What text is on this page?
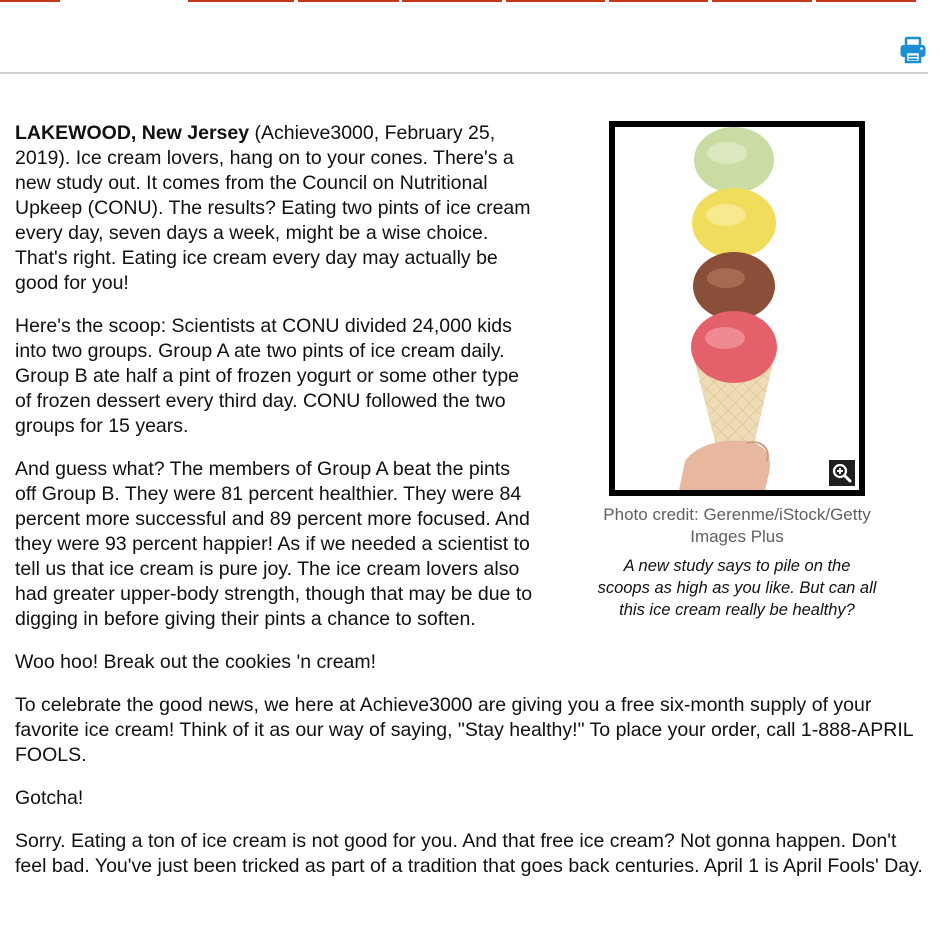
LAKEWOOD, New Jersey (Achieve3000, February 25, 2019). Ice cream lovers, hang on to your cones. There's a new study out. It comes from the Council on Nutritional Upkeep (CONU). The results? Eating two pints of ice cream every day, seven days a week, might be a wise choice. That's right. Eating ice cream every day may actually be good for you!

Here's the scoop: Scientists at CONU divided 24,000 kids into two groups. Group A ate two pints of ice cream daily. Group B ate half a pint of frozen yogurt or some other type of frozen dessert every third day. CONU followed the two groups for 15 years.

And guess what? The members of Group A beat the pints off Group B. They were 81 percent healthier. They were 84 percent more successful and 89 percent more focused. And they were 93 percent happier! As if we needed a scientist to tell us that ice cream is pure joy. The ice cream lovers also had greater upper-body strength, though that may be due to digging in before giving their pints a chance to soften.

Woo hoo! Break out the cookies 'n cream!

To celebrate the good news, we here at Achieve3000 are giving you a free six-month supply of your favorite ice cream! Think of it as our way of saying, "Stay healthy!" To place your order, call 1-888-APRIL FOOLS.

Gotcha!

Sorry. Eating a ton of ice cream is not good for you. And that free ice cream? Not gonna happen. Don't feel bad. You've just been tricked as part of a tradition that goes back centuries. April 1 is April Fools' Day.

Photo credit: Gerenme/iStock/Getty Images Plus
A new study says to pile on the scoops as high as you like. But can all this ice cream really be healthy?
